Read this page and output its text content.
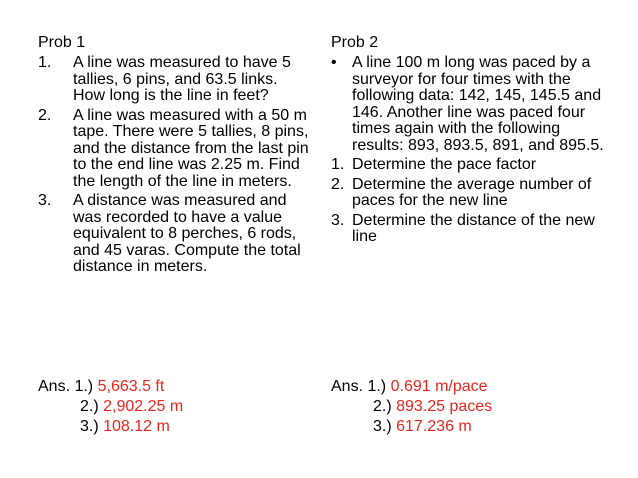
Prob 1
1.	A line was measured to have 5 tallies, 6 pins, and 63.5 links. How long is the line in feet?
2.	A line was measured with a 50 m tape. There were 5 tallies, 8 pins, and the distance from the last pin to the end line was 2.25 m. Find the length of the line in meters.
3.	A distance was measured and was recorded to have a value equivalent to 8 perches, 6 rods, and 45 varas. Compute the total distance in meters.
Prob 2
• A line 100 m long was paced by a surveyor for four times with the following data: 142, 145, 145.5 and 146. Another line was paced four times again with the following results: 893, 893.5, 891, and 895.5.
1. Determine the pace factor
2. Determine the average number of paces for the new line
3. Determine the distance of the new line
Ans. 1.) 5,663.5 ft
2.) 2,902.25 m
3.) 108.12 m
Ans. 1.) 0.691 m/pace
2.) 893.25 paces
3.) 617.236 m
